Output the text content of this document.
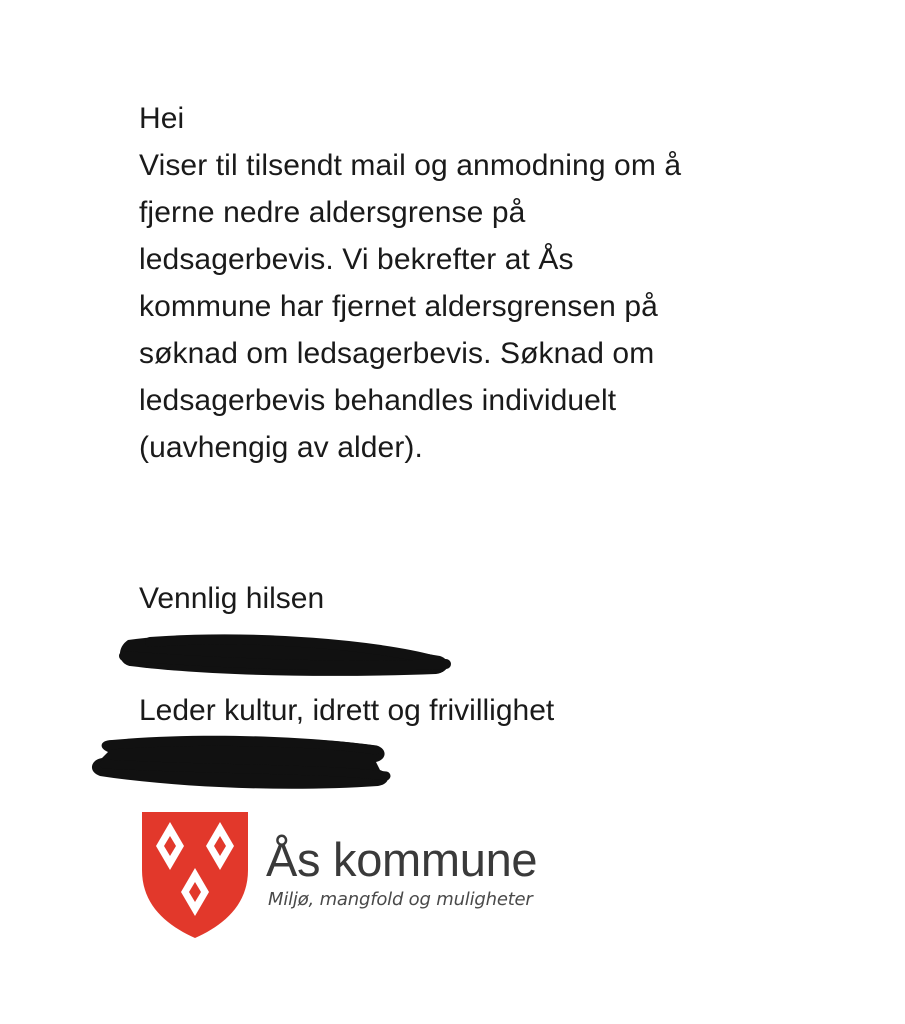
Hei

Viser til tilsendt mail og anmodning om å
fjerne nedre aldersgrense på
ledsagerbevis. Vi bekrefter at Ås
kommune har fjernet aldersgrensen på
søknad om ledsagerbevis. Søknad om
ledsagerbevis behandles individuelt
(uavhengig av alder).

Vennlig hilsen

Leder kultur, idrett og frivillighet

Ås kommune
Miljø, mangfold og muligheter
